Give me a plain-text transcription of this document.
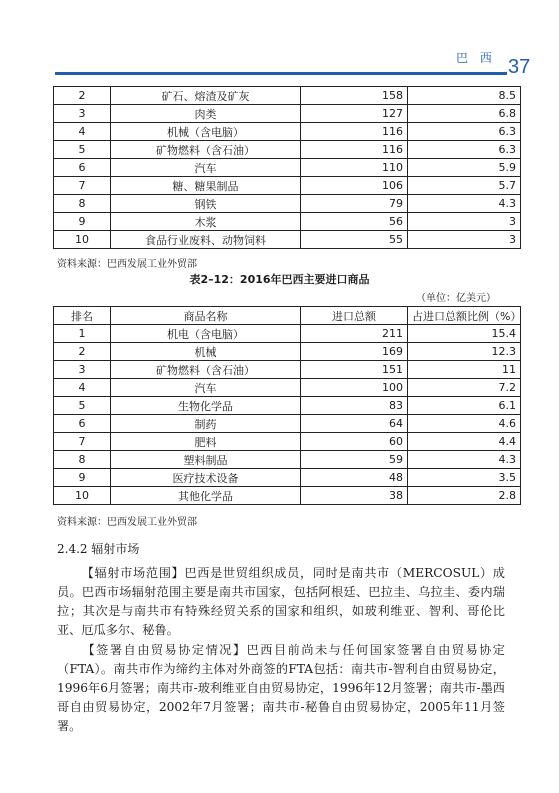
巴 西 37
2	矿石、熔渣及矿灰	158	8.5
3	肉类	127	6.8
4	机械（含电脑）	116	6.3
5	矿物燃料（含石油）	116	6.3
6	汽车	110	5.9
7	糖、糖果制品	106	5.7
8	钢铁	79	4.3
9	木浆	56	3
10	食品行业废料、动物饲料	55	3
资料来源：巴西发展工业外贸部
表2–12：2016年巴西主要进口商品
（单位：亿美元）
排名	商品名称	进口总额	占进口总额比例（%）
1	机电（含电脑）	211	15.4
2	机械	169	12.3
3	矿物燃料（含石油）	151	11
4	汽车	100	7.2
5	生物化学品	83	6.1
6	制药	64	4.6
7	肥料	60	4.4
8	塑料制品	59	4.3
9	医疗技术设备	48	3.5
10	其他化学品	38	2.8
资料来源：巴西发展工业外贸部
2.4.2 辐射市场
【辐射市场范围】巴西是世贸组织成员，同时是南共市（MERCOSUL）成员。巴西市场辐射范围主要是南共市国家，包括阿根廷、巴拉圭、乌拉圭、委内瑞拉；其次是与南共市有特殊经贸关系的国家和组织，如玻利维亚、智利、哥伦比亚、厄瓜多尔、秘鲁。
【签署自由贸易协定情况】巴西目前尚未与任何国家签署自由贸易协定（FTA）。南共市作为缔约主体对外商签的FTA包括：南共市-智利自由贸易协定，1996年6月签署；南共市-玻利维亚自由贸易协定，1996年12月签署；南共市-墨西哥自由贸易协定，2002年7月签署；南共市-秘鲁自由贸易协定，2005年11月签署。
